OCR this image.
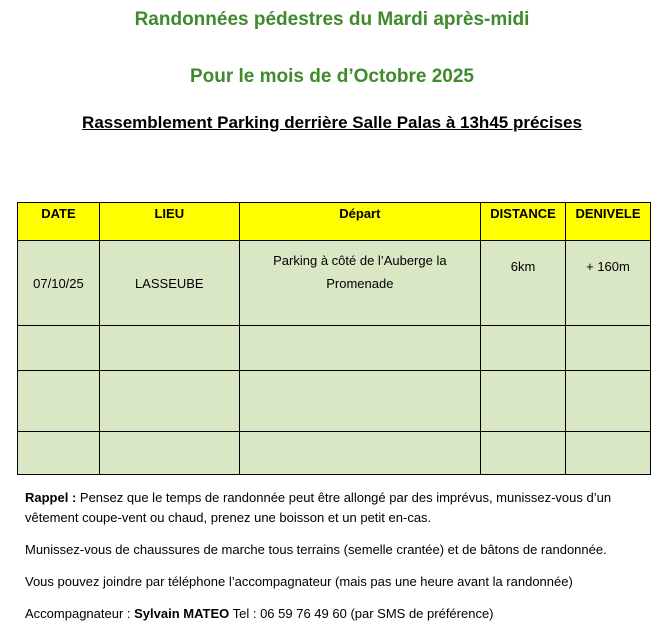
Randonnées pédestres du Mardi après-midi
Pour le mois de d’Octobre 2025
Rassemblement Parking derrière Salle Palas à 13h45 précises
DATE	LIEU	Départ	DISTANCE	DENIVELE
07/10/25	LASSEUBE	Parking à côté de l’Auberge la Promenade	6km	+ 160m

Rappel : Pensez que le temps de randonnée peut être allongé par des imprévus, munissez-vous d’un vêtement coupe-vent ou chaud, prenez une boisson et un petit en-cas.

Munissez-vous de chaussures de marche tous terrains (semelle crantée) et de bâtons de randonnée.

Vous pouvez joindre par téléphone l’accompagnateur (mais pas une heure avant la randonnée)

Accompagnateur : Sylvain MATEO Tel : 06 59 76 49 60 (par SMS de préférence)
